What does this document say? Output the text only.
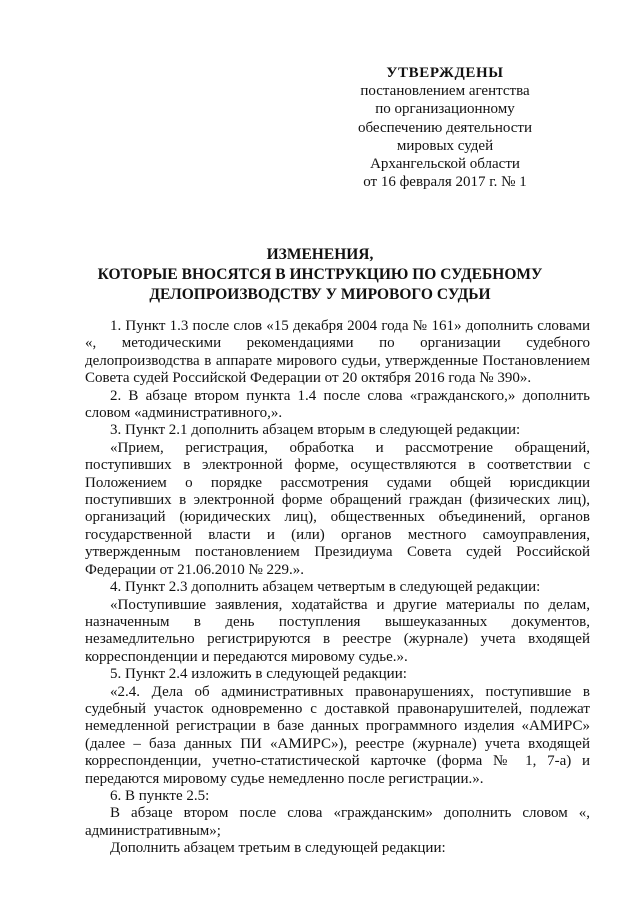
УТВЕРЖДЕНЫ
постановлением агентства
по организационному
обеспечению деятельности
мировых судей
Архангельской области
от 16 февраля 2017 г. № 1
ИЗМЕНЕНИЯ,
КОТОРЫЕ ВНОСЯТСЯ В ИНСТРУКЦИЮ ПО СУДЕБНОМУ
ДЕЛОПРОИЗВОДСТВУ У МИРОВОГО СУДЬИ

1. Пункт 1.3 после слов «15 декабря 2004 года № 161» дополнить словами «, методическими рекомендациями по организации судебного делопроизводства в аппарате мирового судьи, утвержденные Постановлением Совета судей Российской Федерации от 20 октября 2016 года № 390».

2. В абзаце втором пункта 1.4 после слова «гражданского,» дополнить словом «административного,».

3. Пункт 2.1 дополнить абзацем вторым в следующей редакции:

«Прием, регистрация, обработка и рассмотрение обращений, поступивших в электронной форме, осуществляются в соответствии с Положением о порядке рассмотрения судами общей юрисдикции поступивших в электронной форме обращений граждан (физических лиц), организаций (юридических лиц), общественных объединений, органов государственной власти и (или) органов местного самоуправления, утвержденным постановлением Президиума Совета судей Российской Федерации от 21.06.2010 № 229.».

4. Пункт 2.3 дополнить абзацем четвертым в следующей редакции:

«Поступившие заявления, ходатайства и другие материалы по делам, назначенным в день поступления вышеуказанных документов, незамедлительно регистрируются в реестре (журнале) учета входящей корреспонденции и передаются мировому судье.».

5. Пункт 2.4 изложить в следующей редакции:

«2.4. Дела об административных правонарушениях, поступившие в судебный участок одновременно с доставкой правонарушителей, подлежат немедленной регистрации в базе данных программного изделия «АМИРС» (далее – база данных ПИ «АМИРС»), реестре (журнале) учета входящей корреспонденции, учетно-статистической карточке (форма № 1, 7-а) и передаются мировому судье немедленно после регистрации.».

6. В пункте 2.5:

В абзаце втором после слова «гражданским» дополнить словом «, административным»;

Дополнить абзацем третьим в следующей редакции:
